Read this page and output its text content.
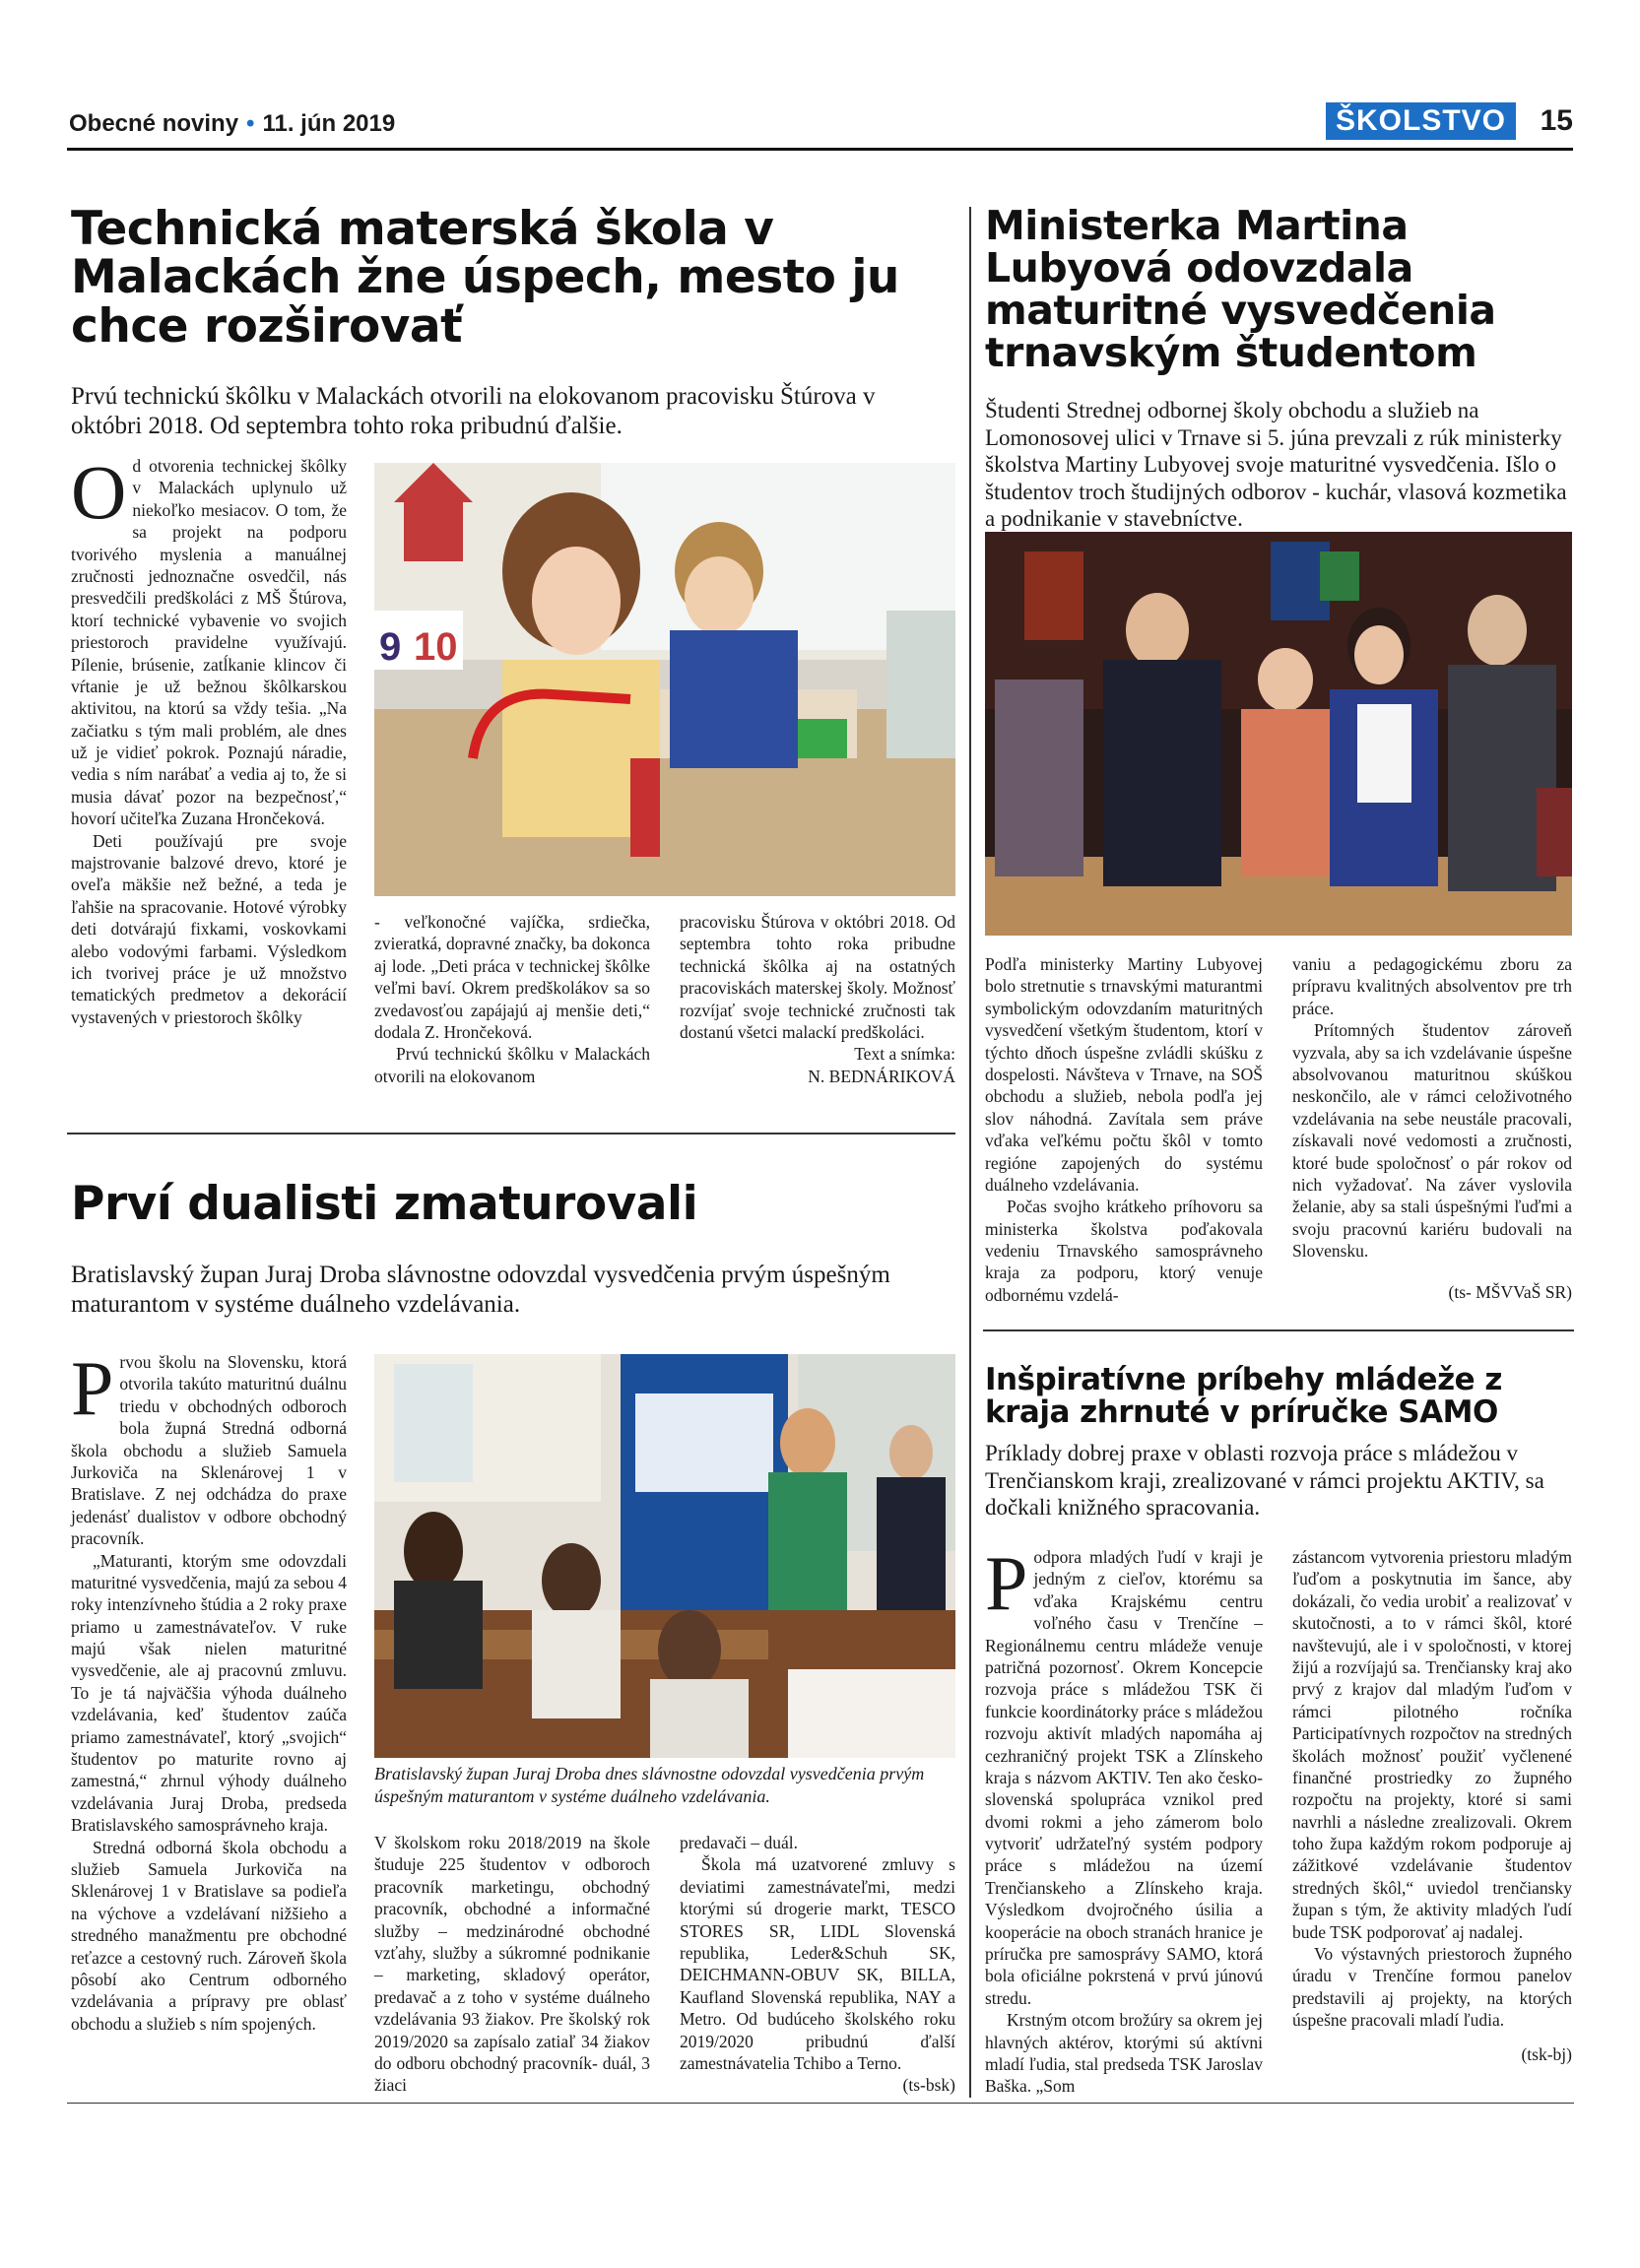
Obecné noviny • 11. jún 2019	ŠKOLSTVO	15
Technická materská škola v Malackách žne úspech, mesto ju chce rozširovať

Prvú technickú škôlku v Malackách otvorili na elokovanom pracovisku Štúrova v októbri 2018. Od septembra tohto roka pribudnú ďalšie.

Od otvorenia technickej škôlky v Malackách uplynulo už niekoľko mesiacov. O tom, že sa projekt na podporu tvorivého myslenia a manuálnej zručnosti jednoznačne osvedčil, nás presvedčili predškoláci z MŠ Štúrova, ktorí technické vybavenie vo svojich priestoroch pravidelne využívajú. Pílenie, brúsenie, zatĺkanie klincov či vŕtanie je už bežnou škôlkarskou aktivitou, na ktorú sa vždy tešia. „Na začiatku s tým mali problém, ale dnes už je vidieť pokrok. Poznajú náradie, vedia s ním narábať a vedia aj to, že si musia dávať pozor na bezpečnosť,“ hovorí učiteľka Zuzana Hrončeková.

Deti používajú pre svoje majstrovanie balzové drevo, ktoré je oveľa mäkšie než bežné, a teda je ľahšie na spracovanie. Hotové výrobky deti dotvárajú fixkami, voskovkami alebo vodovými farbami. Výsledkom ich tvorivej práce je už množstvo tematických predmetov a dekorácií vystavených v priestoroch škôlky

9 10

- veľkonočné vajíčka, srdiečka, zvieratká, dopravné značky, ba dokonca aj lode. „Deti práca v technickej škôlke veľmi baví. Okrem predškolákov sa so zvedavosťou zapájajú aj menšie deti,“ dodala Z. Hrončeková.

Prvú technickú škôlku v Malackách otvorili na elokovanom

pracovisku Štúrova v októbri 2018. Od septembra tohto roka pribudne technická škôlka aj na ostatných pracoviskách materskej školy. Možnosť rozvíjať svoje technické zručnosti tak dostanú všetci malackí predškoláci.

Text a snímka:

N. BEDNÁRIKOVÁ

Ministerka Martina Lubyová odovzdala maturitné vysvedčenia trnavským študentom

Študenti Strednej odbornej školy obchodu a služieb na Lomonosovej ulici v Trnave si 5. júna prevzali z rúk ministerky školstva Martiny Lubyovej svoje maturitné vysvedčenia. Išlo o študentov troch študijných odborov - kuchár, vlasová kozmetika a podnikanie v stavebníctve.

Podľa ministerky Martiny Lubyovej bolo stretnutie s trnavskými maturantmi symbolickým odovzdaním maturitných vysvedčení všetkým študentom, ktorí v týchto dňoch úspešne zvládli skúšku z dospelosti. Návšteva v Trnave, na SOŠ obchodu a služieb, nebola podľa jej slov náhodná. Zavítala sem práve vďaka veľkému počtu škôl v tomto regióne zapojených do systému duálneho vzdelávania.

Počas svojho krátkeho príhovoru sa ministerka školstva poďakovala vedeniu Trnavského samosprávneho kraja za podporu, ktorý venuje odbornému vzdelá-

vaniu a pedagogickému zboru za prípravu kvalitných absolventov pre trh práce.

Prítomných študentov zároveň vyzvala, aby sa ich vzdelávanie úspešne absolvovanou maturitnou skúškou neskončilo, ale v rámci celoživotného vzdelávania na sebe neustále pracovali, získavali nové vedomosti a zručnosti, ktoré bude spoločnosť o pár rokov od nich vyžadovať. Na záver vyslovila želanie, aby sa stali úspešnými ľuďmi a svoju pracovnú kariéru budovali na Slovensku.

(ts- MŠVVaŠ SR)

Prví dualisti zmaturovali

Bratislavský župan Juraj Droba slávnostne odovzdal vysvedčenia prvým úspešným maturantom v systéme duálneho vzdelávania.

Prvou školu na Slovensku, ktorá otvorila takúto maturitnú duálnu triedu v obchodných odboroch bola župná Stredná odborná škola obchodu a služieb Samuela Jurkoviča na Sklenárovej 1 v Bratislave. Z nej odchádza do praxe jedenásť dualistov v odbore obchodný pracovník.

„Maturanti, ktorým sme odovzdali maturitné vysvedčenia, majú za sebou 4 roky intenzívneho štúdia a 2 roky praxe priamo u zamestnávateľov. V ruke majú však nielen maturitné vysvedčenie, ale aj pracovnú zmluvu. To je tá najväčšia výhoda duálneho vzdelávania, keď študentov zaúča priamo zamestnávateľ, ktorý „svojich“ študentov po maturite rovno aj zamestná,“ zhrnul výhody duálneho vzdelávania Juraj Droba, predseda Bratislavského samosprávneho kraja.

Stredná odborná škola obchodu a služieb Samuela Jurkoviča na Sklenárovej 1 v Bratislave sa podieľa na výchove a vzdelávaní nižšieho a stredného manažmentu pre obchodné reťazce a cestovný ruch. Zároveň škola pôsobí ako Centrum odborného vzdelávania a prípravy pre oblasť obchodu a služieb s ním spojených.

Bratislavský župan Juraj Droba dnes slávnostne odovzdal vysvedčenia prvým úspešným maturantom v systéme duálneho vzdelávania.

V školskom roku 2018/2019 na škole študuje 225 študentov v odboroch pracovník marketingu, obchodný pracovník, obchodné a informačné služby – medzinárodné obchodné vzťahy, služby a súkromné podnikanie – marketing, skladový operátor, predavač a z toho v systéme duálneho vzdelávania 93 žiakov. Pre školský rok 2019/2020 sa zapísalo zatiaľ 34 žiakov do odboru obchodný pracovník- duál, 3 žiaci

predavači – duál.

Škola má uzatvorené zmluvy s deviatimi zamestnávateľmi, medzi ktorými sú drogerie markt, TESCO STORES SR, LIDL Slovenská republika, Leder&Schuh SK, DEICHMANN-OBUV SK, BILLA, Kaufland Slovenská republika, NAY a Metro. Od budúceho školského roku 2019/2020 pribudnú ďalší zamestnávatelia Tchibo a Terno.

(ts-bsk)

Inšpiratívne príbehy mládeže z kraja zhrnuté v príručke SAMO

Príklady dobrej praxe v oblasti rozvoja práce s mládežou v Trenčianskom kraji, zrealizované v rámci projektu AKTIV, sa dočkali knižného spracovania.

Podpora mladých ľudí v kraji je jedným z cieľov, ktorému sa vďaka Krajskému centru voľného času v Trenčíne – Regionálnemu centru mládeže venuje patričná pozornosť. Okrem Koncepcie rozvoja práce s mládežou TSK či funkcie koordinátorky práce s mládežou rozvoju aktivít mladých napomáha aj cezhraničný projekt TSK a Zlínskeho kraja s názvom AKTIV. Ten ako česko-slovenská spolupráca vznikol pred dvomi rokmi a jeho zámerom bolo vytvoriť udržateľný systém podpory práce s mládežou na území Trenčianskeho a Zlínskeho kraja. Výsledkom dvojročného úsilia a kooperácie na oboch stranách hranice je príručka pre samosprávy SAMO, ktorá bola oficiálne pokrstená v prvú júnovú stredu.

Krstným otcom brožúry sa okrem jej hlavných aktérov, ktorými sú aktívni mladí ľudia, stal predseda TSK Jaroslav Baška. „Som

zástancom vytvorenia priestoru mladým ľuďom a poskytnutia im šance, aby dokázali, čo vedia urobiť a realizovať v skutočnosti, a to v rámci škôl, ktoré navštevujú, ale i v spoločnosti, v ktorej žijú a rozvíjajú sa. Trenčiansky kraj ako prvý z krajov dal mladým ľuďom v rámci pilotného ročníka Participatívnych rozpočtov na stredných školách možnosť použiť vyčlenené finančné prostriedky zo župného rozpočtu na projekty, ktoré si sami navrhli a následne zrealizovali. Okrem toho župa každým rokom podporuje aj zážitkové vzdelávanie študentov stredných škôl,“ uviedol trenčiansky župan s tým, že aktivity mladých ľudí bude TSK podporovať aj nadalej.

Vo výstavných priestoroch župného úradu v Trenčíne formou panelov predstavili aj projekty, na ktorých úspešne pracovali mladí ľudia.

(tsk-bj)
